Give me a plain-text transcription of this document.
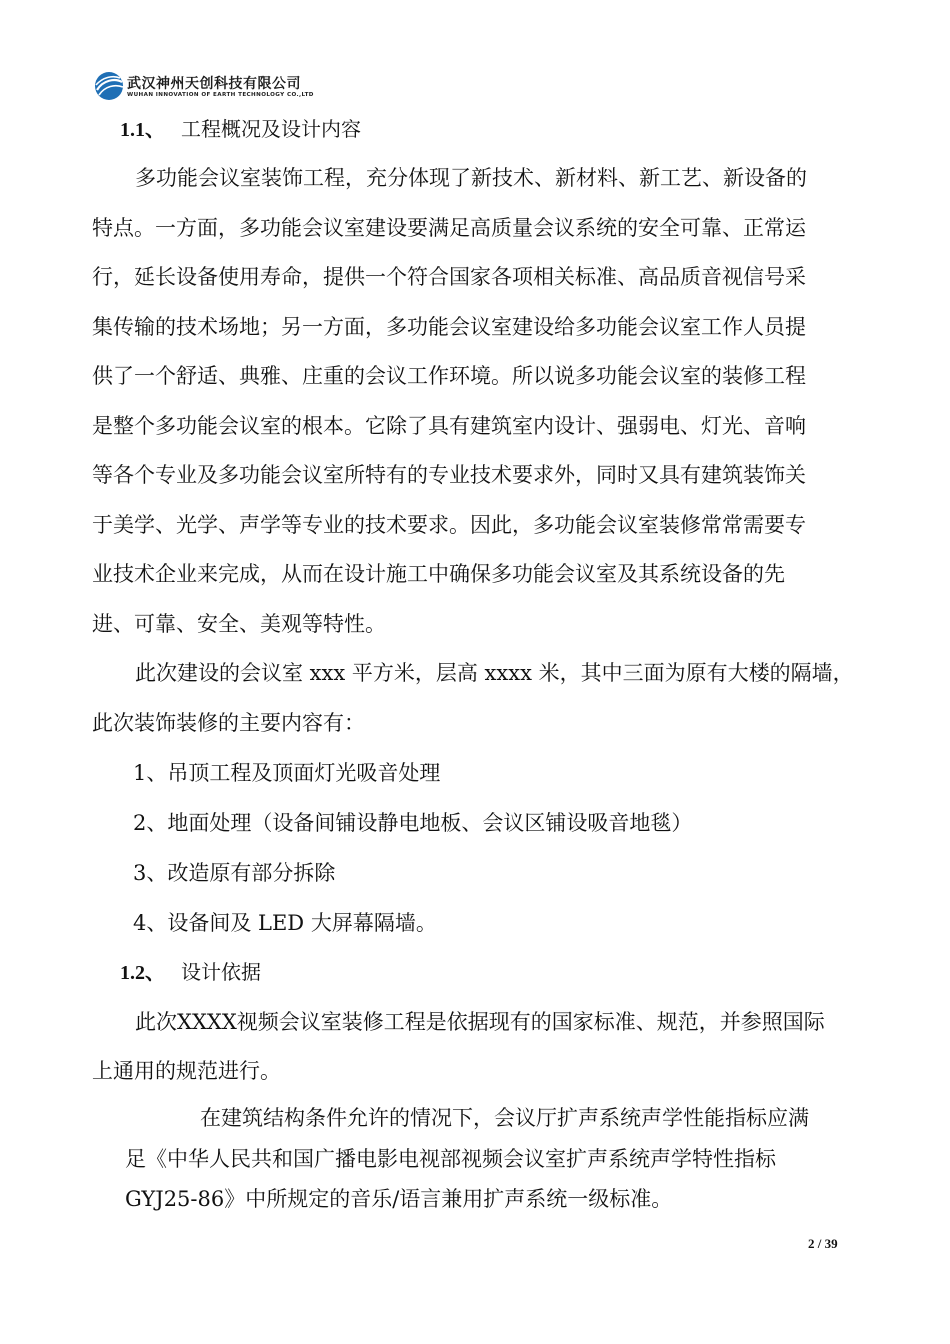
武汉神州天创科技有限公司
WUHAN INNOVATION OF EARTH TECHNOLOGY CO.,LTD
1.1、 工程概况及设计内容
多功能会议室装饰工程，充分体现了新技术、新材料、新工艺、新设备的
特点。一方面，多功能会议室建设要满足高质量会议系统的安全可靠、正常运
行，延长设备使用寿命，提供一个符合国家各项相关标准、高品质音视信号采
集传输的技术场地；另一方面，多功能会议室建设给多功能会议室工作人员提
供了一个舒适、典雅、庄重的会议工作环境。所以说多功能会议室的装修工程
是整个多功能会议室的根本。它除了具有建筑室内设计、强弱电、灯光、音响
等各个专业及多功能会议室所特有的专业技术要求外，同时又具有建筑装饰关
于美学、光学、声学等专业的技术要求。因此，多功能会议室装修常常需要专
业技术企业来完成，从而在设计施工中确保多功能会议室及其系统设备的先
进、可靠、安全、美观等特性。
此次建设的会议室 xxx 平方米，层高 xxxx 米，其中三面为原有大楼的隔墙，
此次装饰装修的主要内容有：
1、吊顶工程及顶面灯光吸音处理
2、地面处理（设备间铺设静电地板、会议区铺设吸音地毯）
3、改造原有部分拆除
4、设备间及 LED 大屏幕隔墙。
1.2、 设计依据
此次XXXX视频会议室装修工程是依据现有的国家标准、规范，并参照国际
上通用的规范进行。
在建筑结构条件允许的情况下，会议厅扩声系统声学性能指标应满
足《中华人民共和国广播电影电视部视频会议室扩声系统声学特性指标
GYJ25-86》中所规定的音乐/语言兼用扩声系统一级标准。
2 / 39
